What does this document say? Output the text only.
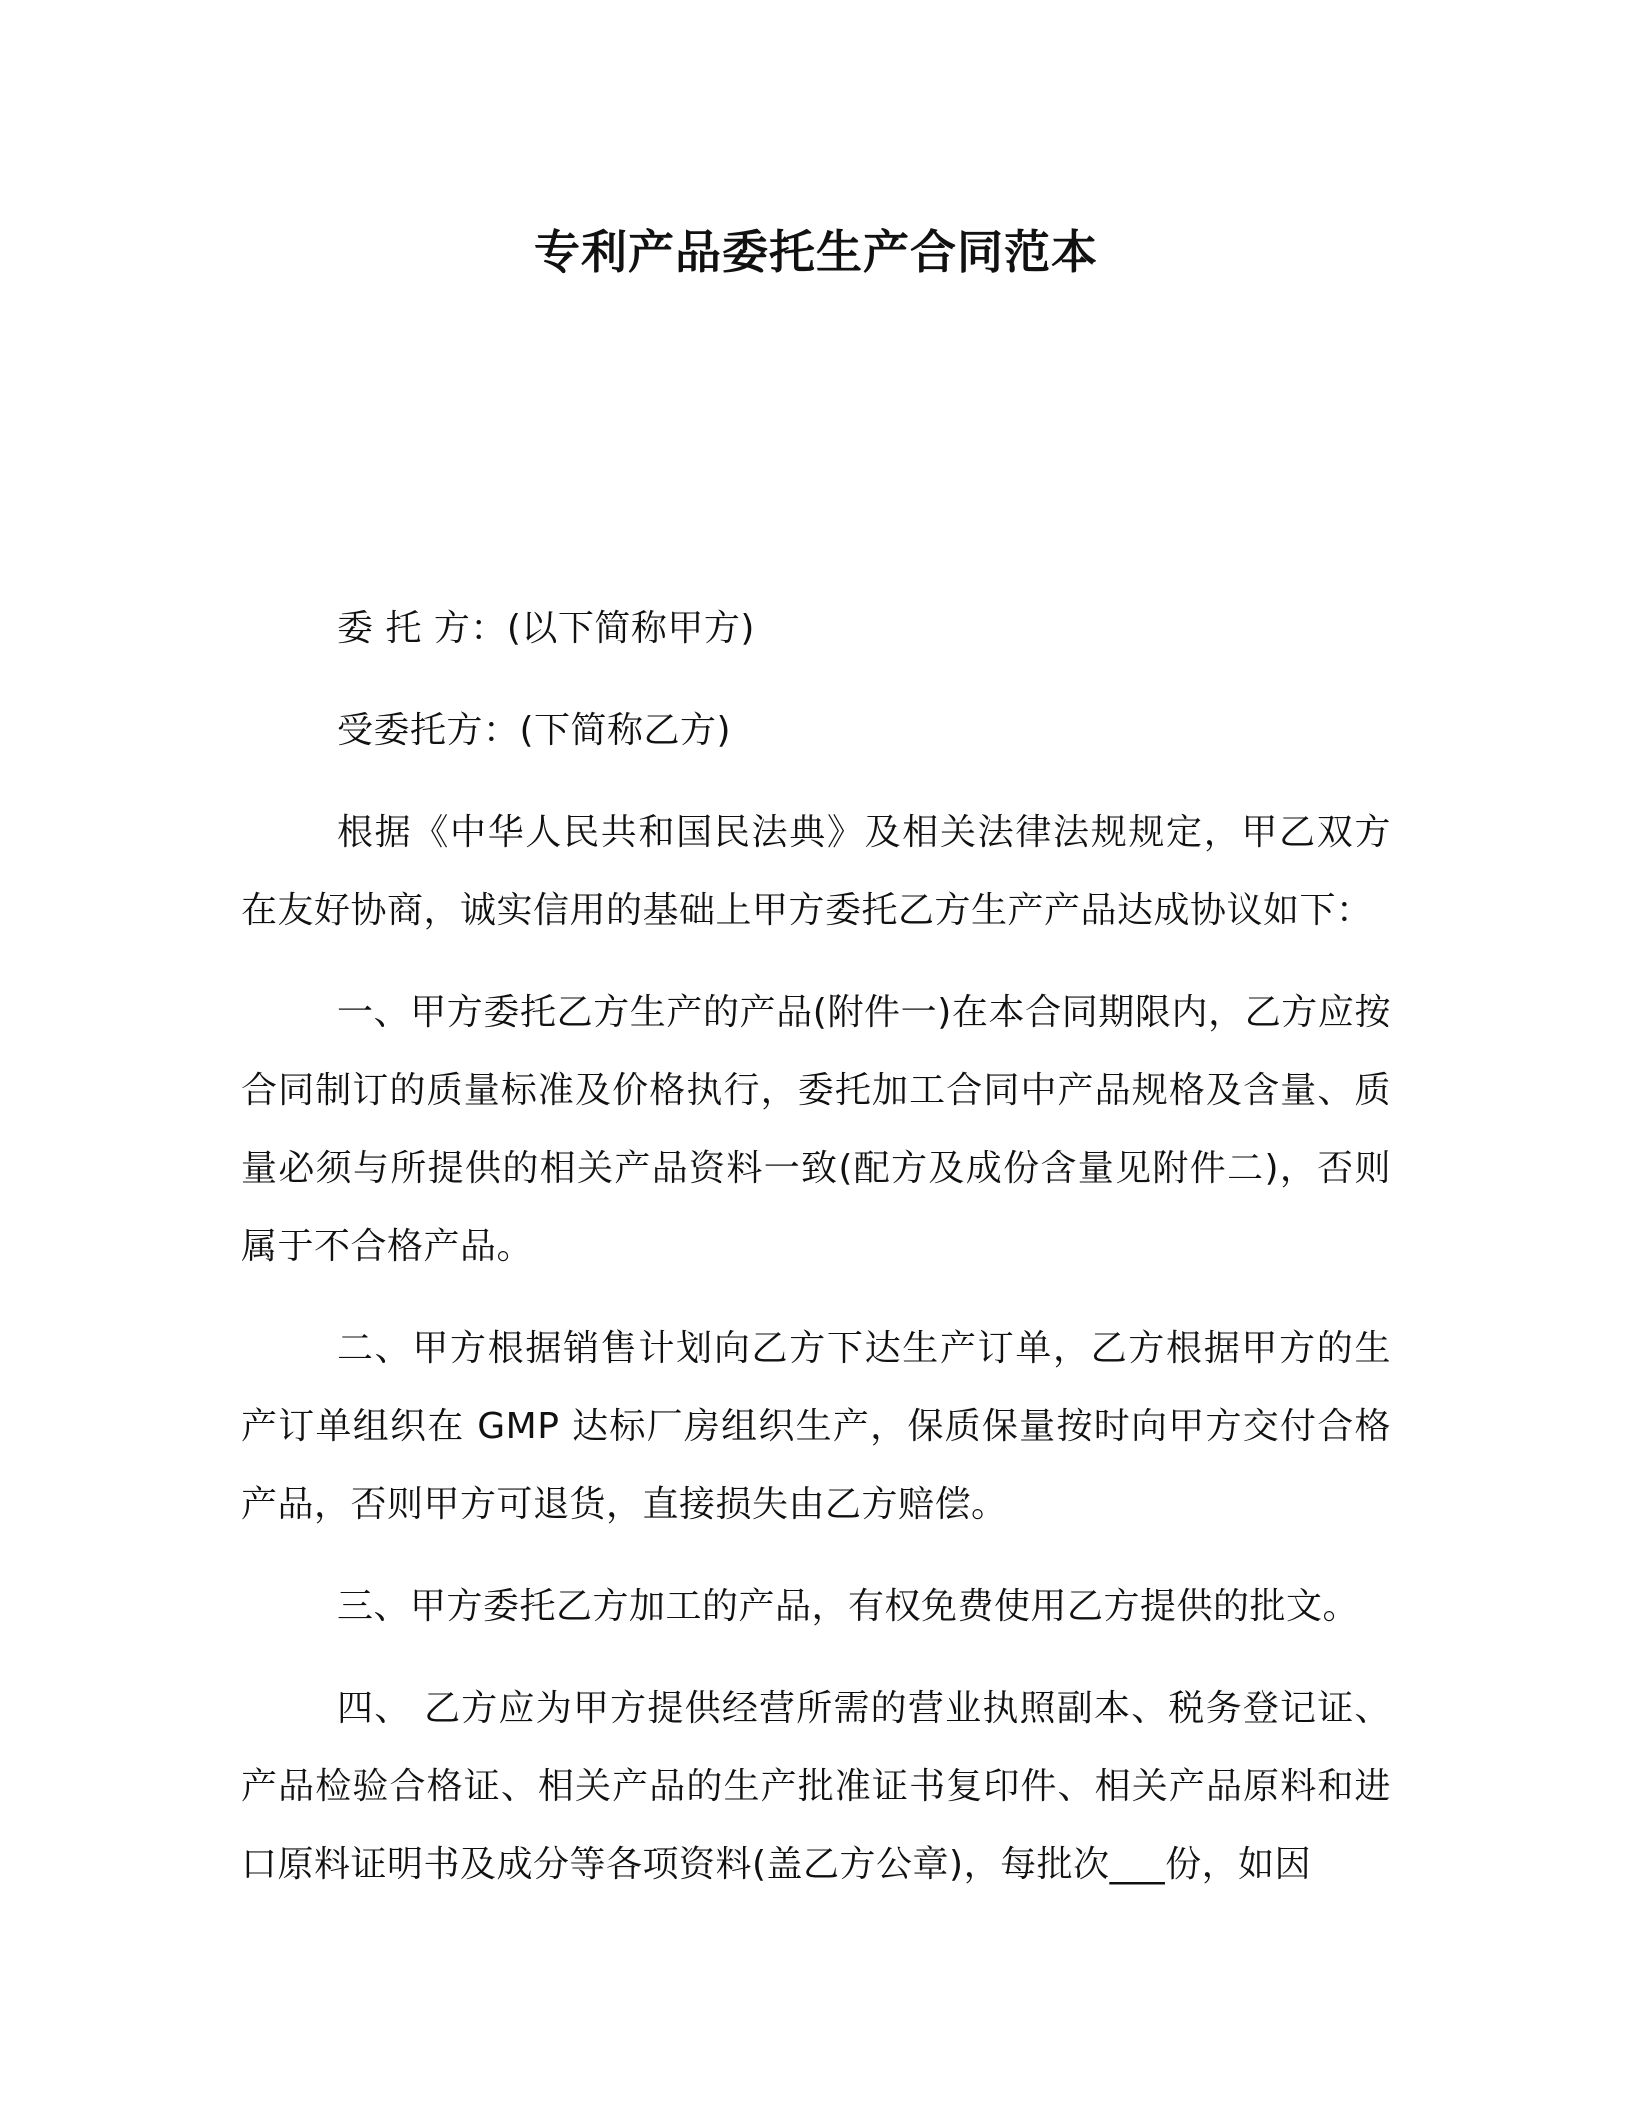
专利产品委托生产合同范本

委 托 方：(以下简称甲方)

受委托方：(下简称乙方)

根据《中华人民共和国民法典》及相关法律法规规定，甲乙双方在友好协商，诚实信用的基础上甲方委托乙方生产产品达成协议如下：

一、甲方委托乙方生产的产品(附件一)在本合同期限内，乙方应按合同制订的质量标准及价格执行，委托加工合同中产品规格及含量、质量必须与所提供的相关产品资料一致(配方及成份含量见附件二)，否则属于不合格产品。

二、甲方根据销售计划向乙方下达生产订单，乙方根据甲方的生产订单组织在 GMP 达标厂房组织生产，保质保量按时向甲方交付合格产品，否则甲方可退货，直接损失由乙方赔偿。

三、甲方委托乙方加工的产品，有权免费使用乙方提供的批文。

四、 乙方应为甲方提供经营所需的营业执照副本、税务登记证、产品检验合格证、相关产品的生产批准证书复印件、相关产品原料和进口原料证明书及成分等各项资料(盖乙方公章)，每批次___份，如因
